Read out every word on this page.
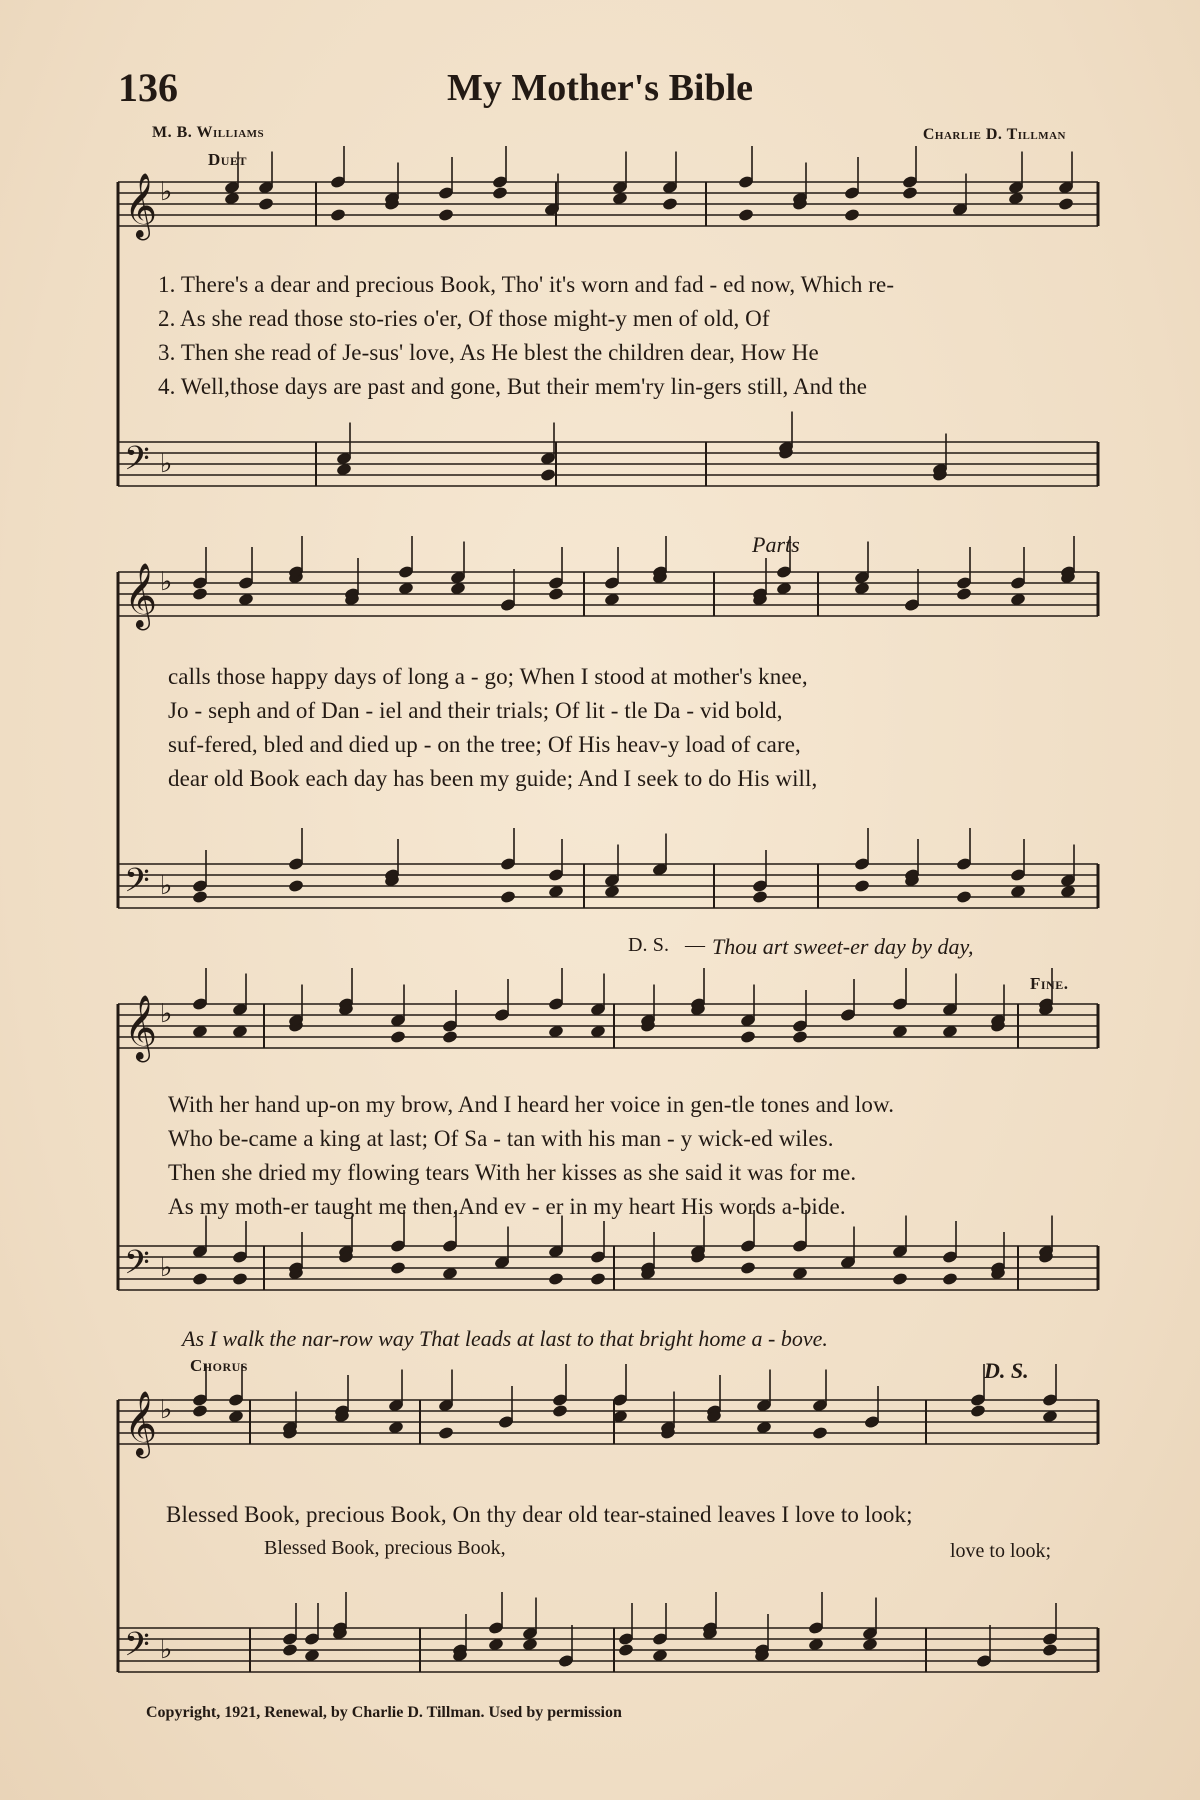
136	My Mother's Bible
M. B. Williams	Charlie D. Tillman
Duet
𝄞 ♭
𝄢 ♭
𝄞 ♭
𝄢 ♭
𝄞 ♭
𝄢 ♭
𝄞 ♭
𝄢 ♭
1. There's a dear and precious Book, Tho' it's worn and fad - ed now, Which re-
2. As she read those sto-ries o'er, Of those might-y men of old, Of
3. Then she read of Je-sus' love, As He blest the children dear, How He
4. Well,those days are past and gone, But their mem'ry lin-gers still, And the
Parts
calls those happy days of long a - go; When I stood at mother's knee,
Jo - seph and of Dan - iel and their trials; Of lit - tle Da - vid bold,
suf-fered, bled and died up - on the tree; Of His heav-y load of care,
dear old Book each day has been my guide; And I seek to do His will,
D. S. — Thou art sweet-er day by day,
Fine.
With her hand up-on my brow, And I heard her voice in gen-tle tones and low.
Who be-came a king at last; Of Sa - tan with his man - y wick-ed wiles.
Then she dried my flowing tears With her kisses as she said it was for me.
As my moth-er taught me then,And ev - er in my heart His words a-bide.
As I walk the nar-row way That leads at last to that bright home a - bove.
Chorus	D. S.
Blessed Book, precious Book, On thy dear old tear-stained leaves I love to look;
Blessed Book, precious Book,	love to look;
Copyright, 1921, Renewal, by Charlie D. Tillman. Used by permission
